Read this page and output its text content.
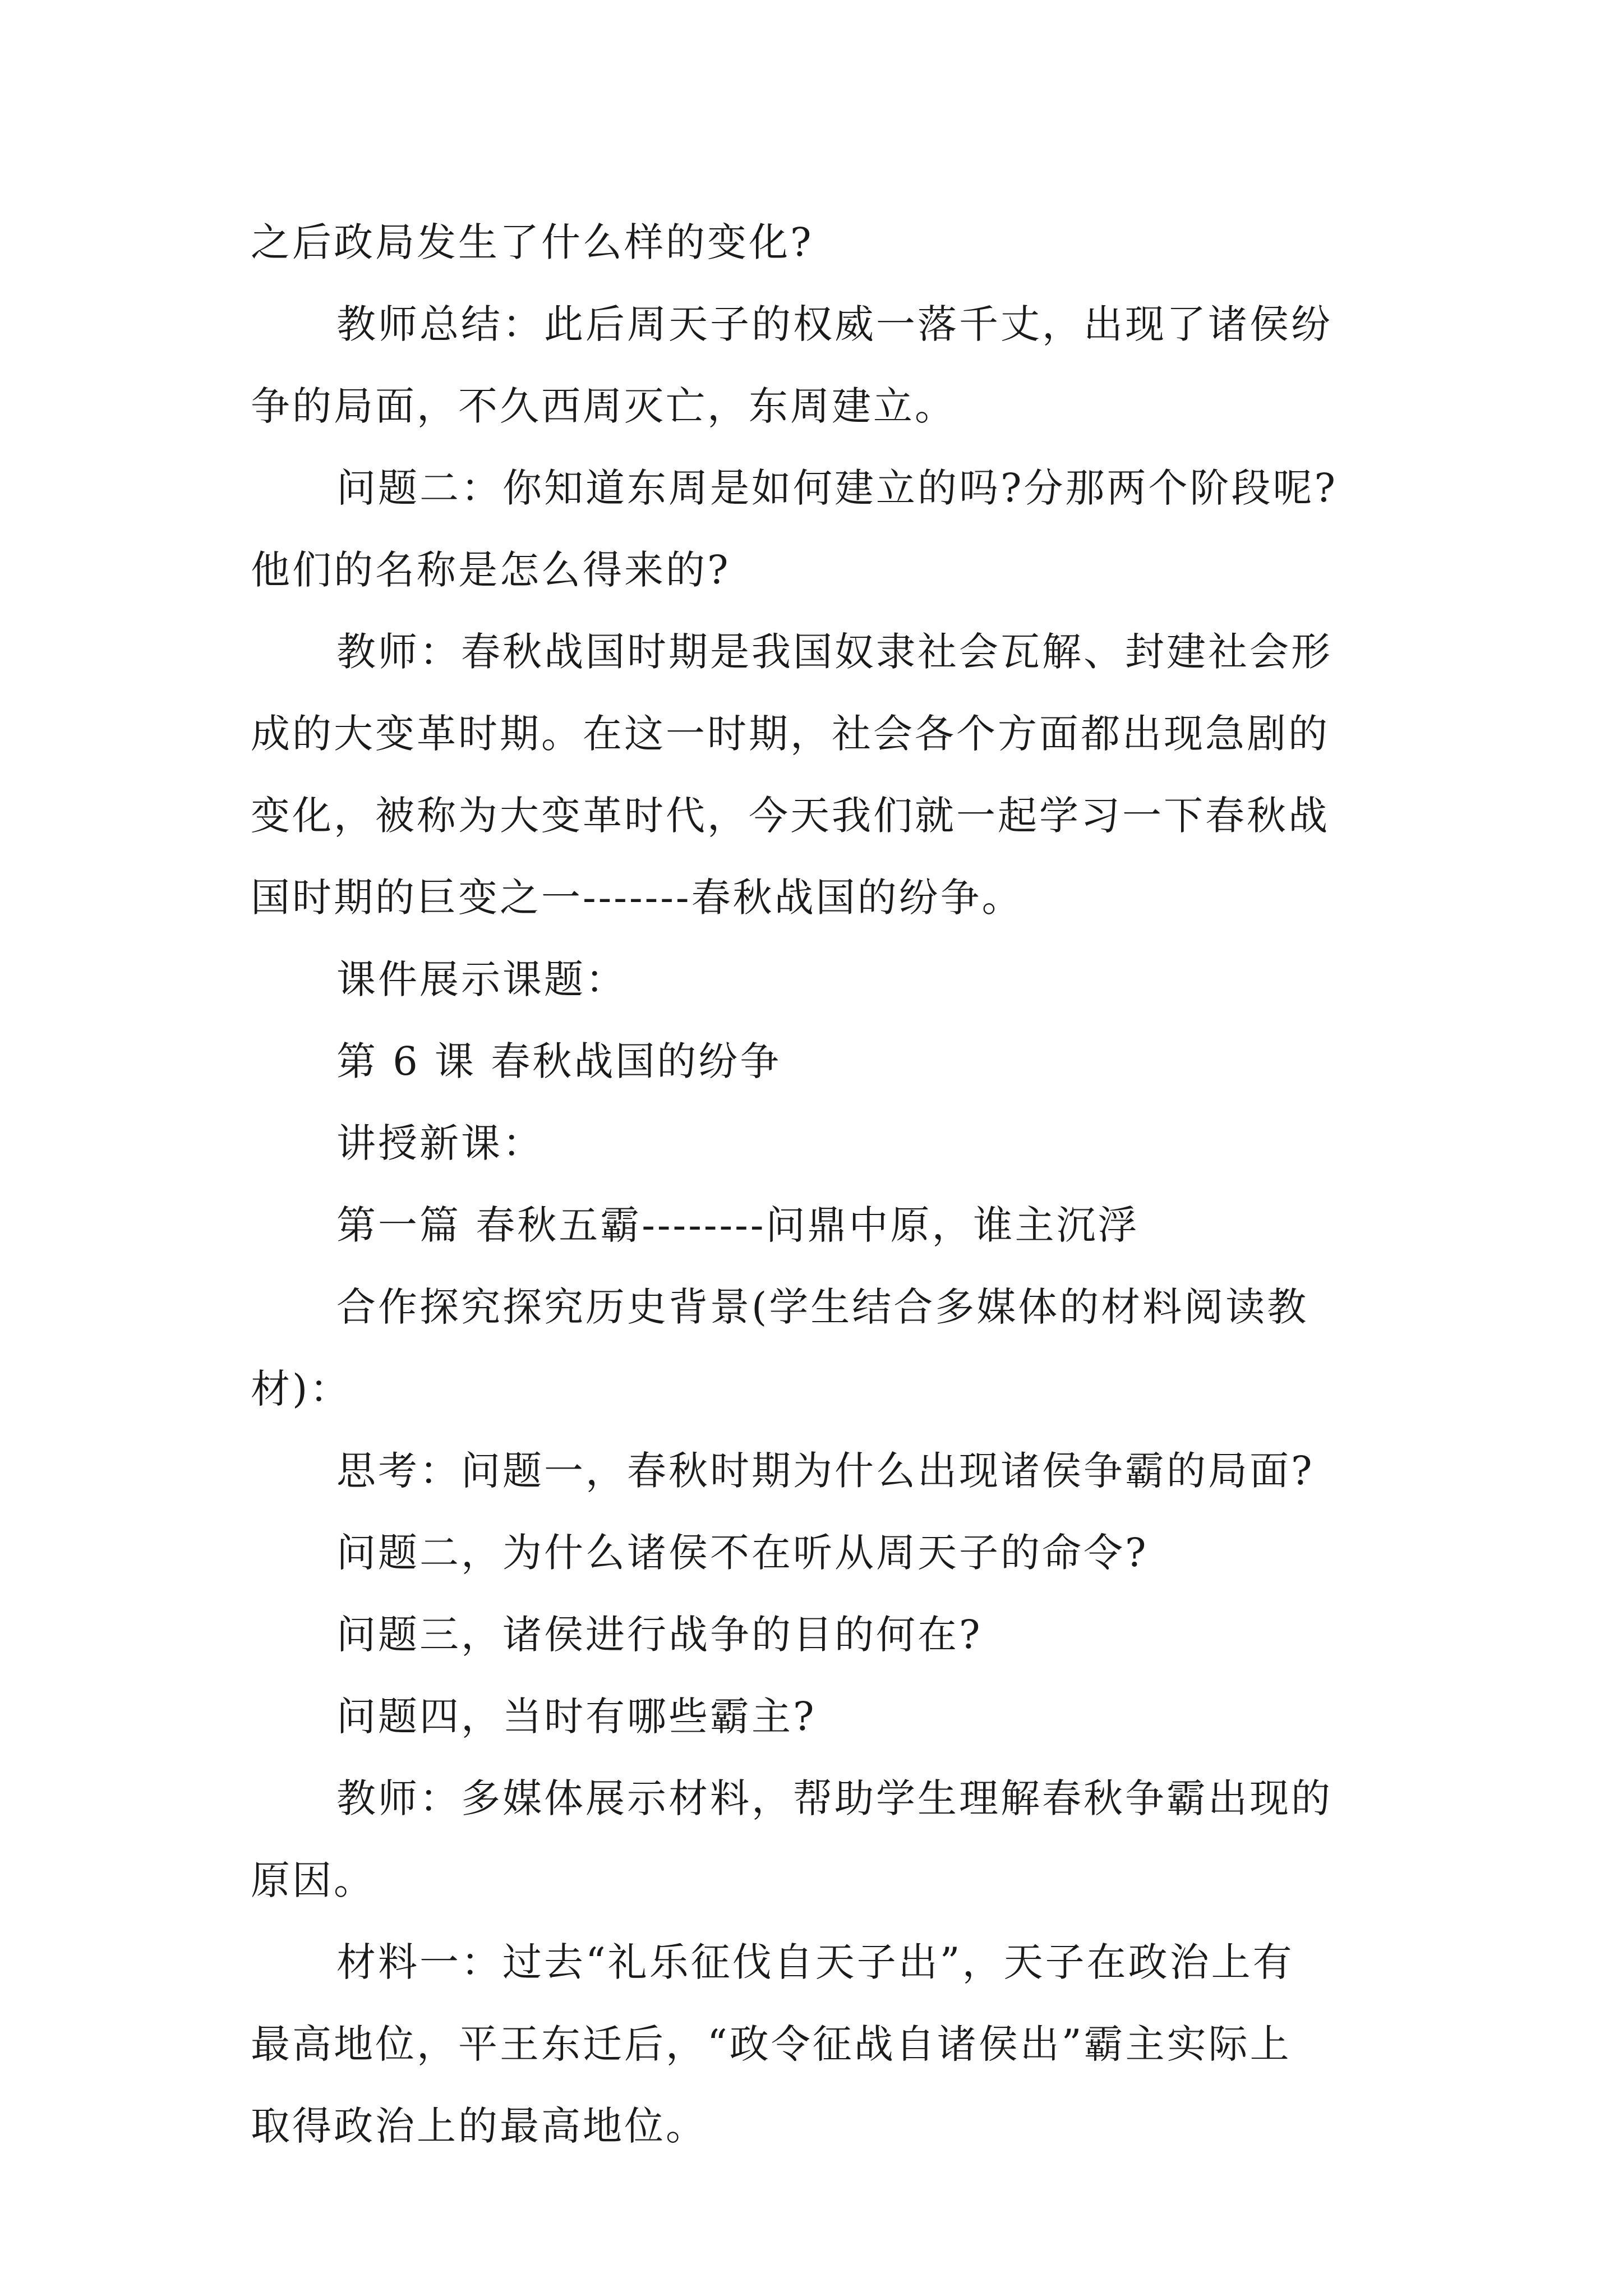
之后政局发生了什么样的变化?
教师总结：此后周天子的权威一落千丈，出现了诸侯纷
争的局面，不久西周灭亡，东周建立。
问题二：你知道东周是如何建立的吗?分那两个阶段呢?
他们的名称是怎么得来的?
教师：春秋战国时期是我国奴隶社会瓦解、封建社会形
成的大变革时期。在这一时期，社会各个方面都出现急剧的
变化，被称为大变革时代，今天我们就一起学习一下春秋战
国时期的巨变之一-------春秋战国的纷争。
课件展示课题：
第 6 课 春秋战国的纷争
讲授新课：
第一篇 春秋五霸--------问鼎中原，谁主沉浮
合作探究探究历史背景(学生结合多媒体的材料阅读教
材)：
思考：问题一，春秋时期为什么出现诸侯争霸的局面?
问题二，为什么诸侯不在听从周天子的命令?
问题三，诸侯进行战争的目的何在?
问题四，当时有哪些霸主?
教师：多媒体展示材料，帮助学生理解春秋争霸出现的
原因。
材料一：过去“礼乐征伐自天子出”，天子在政治上有
最高地位，平王东迁后，“政令征战自诸侯出”霸主实际上
取得政治上的最高地位。
